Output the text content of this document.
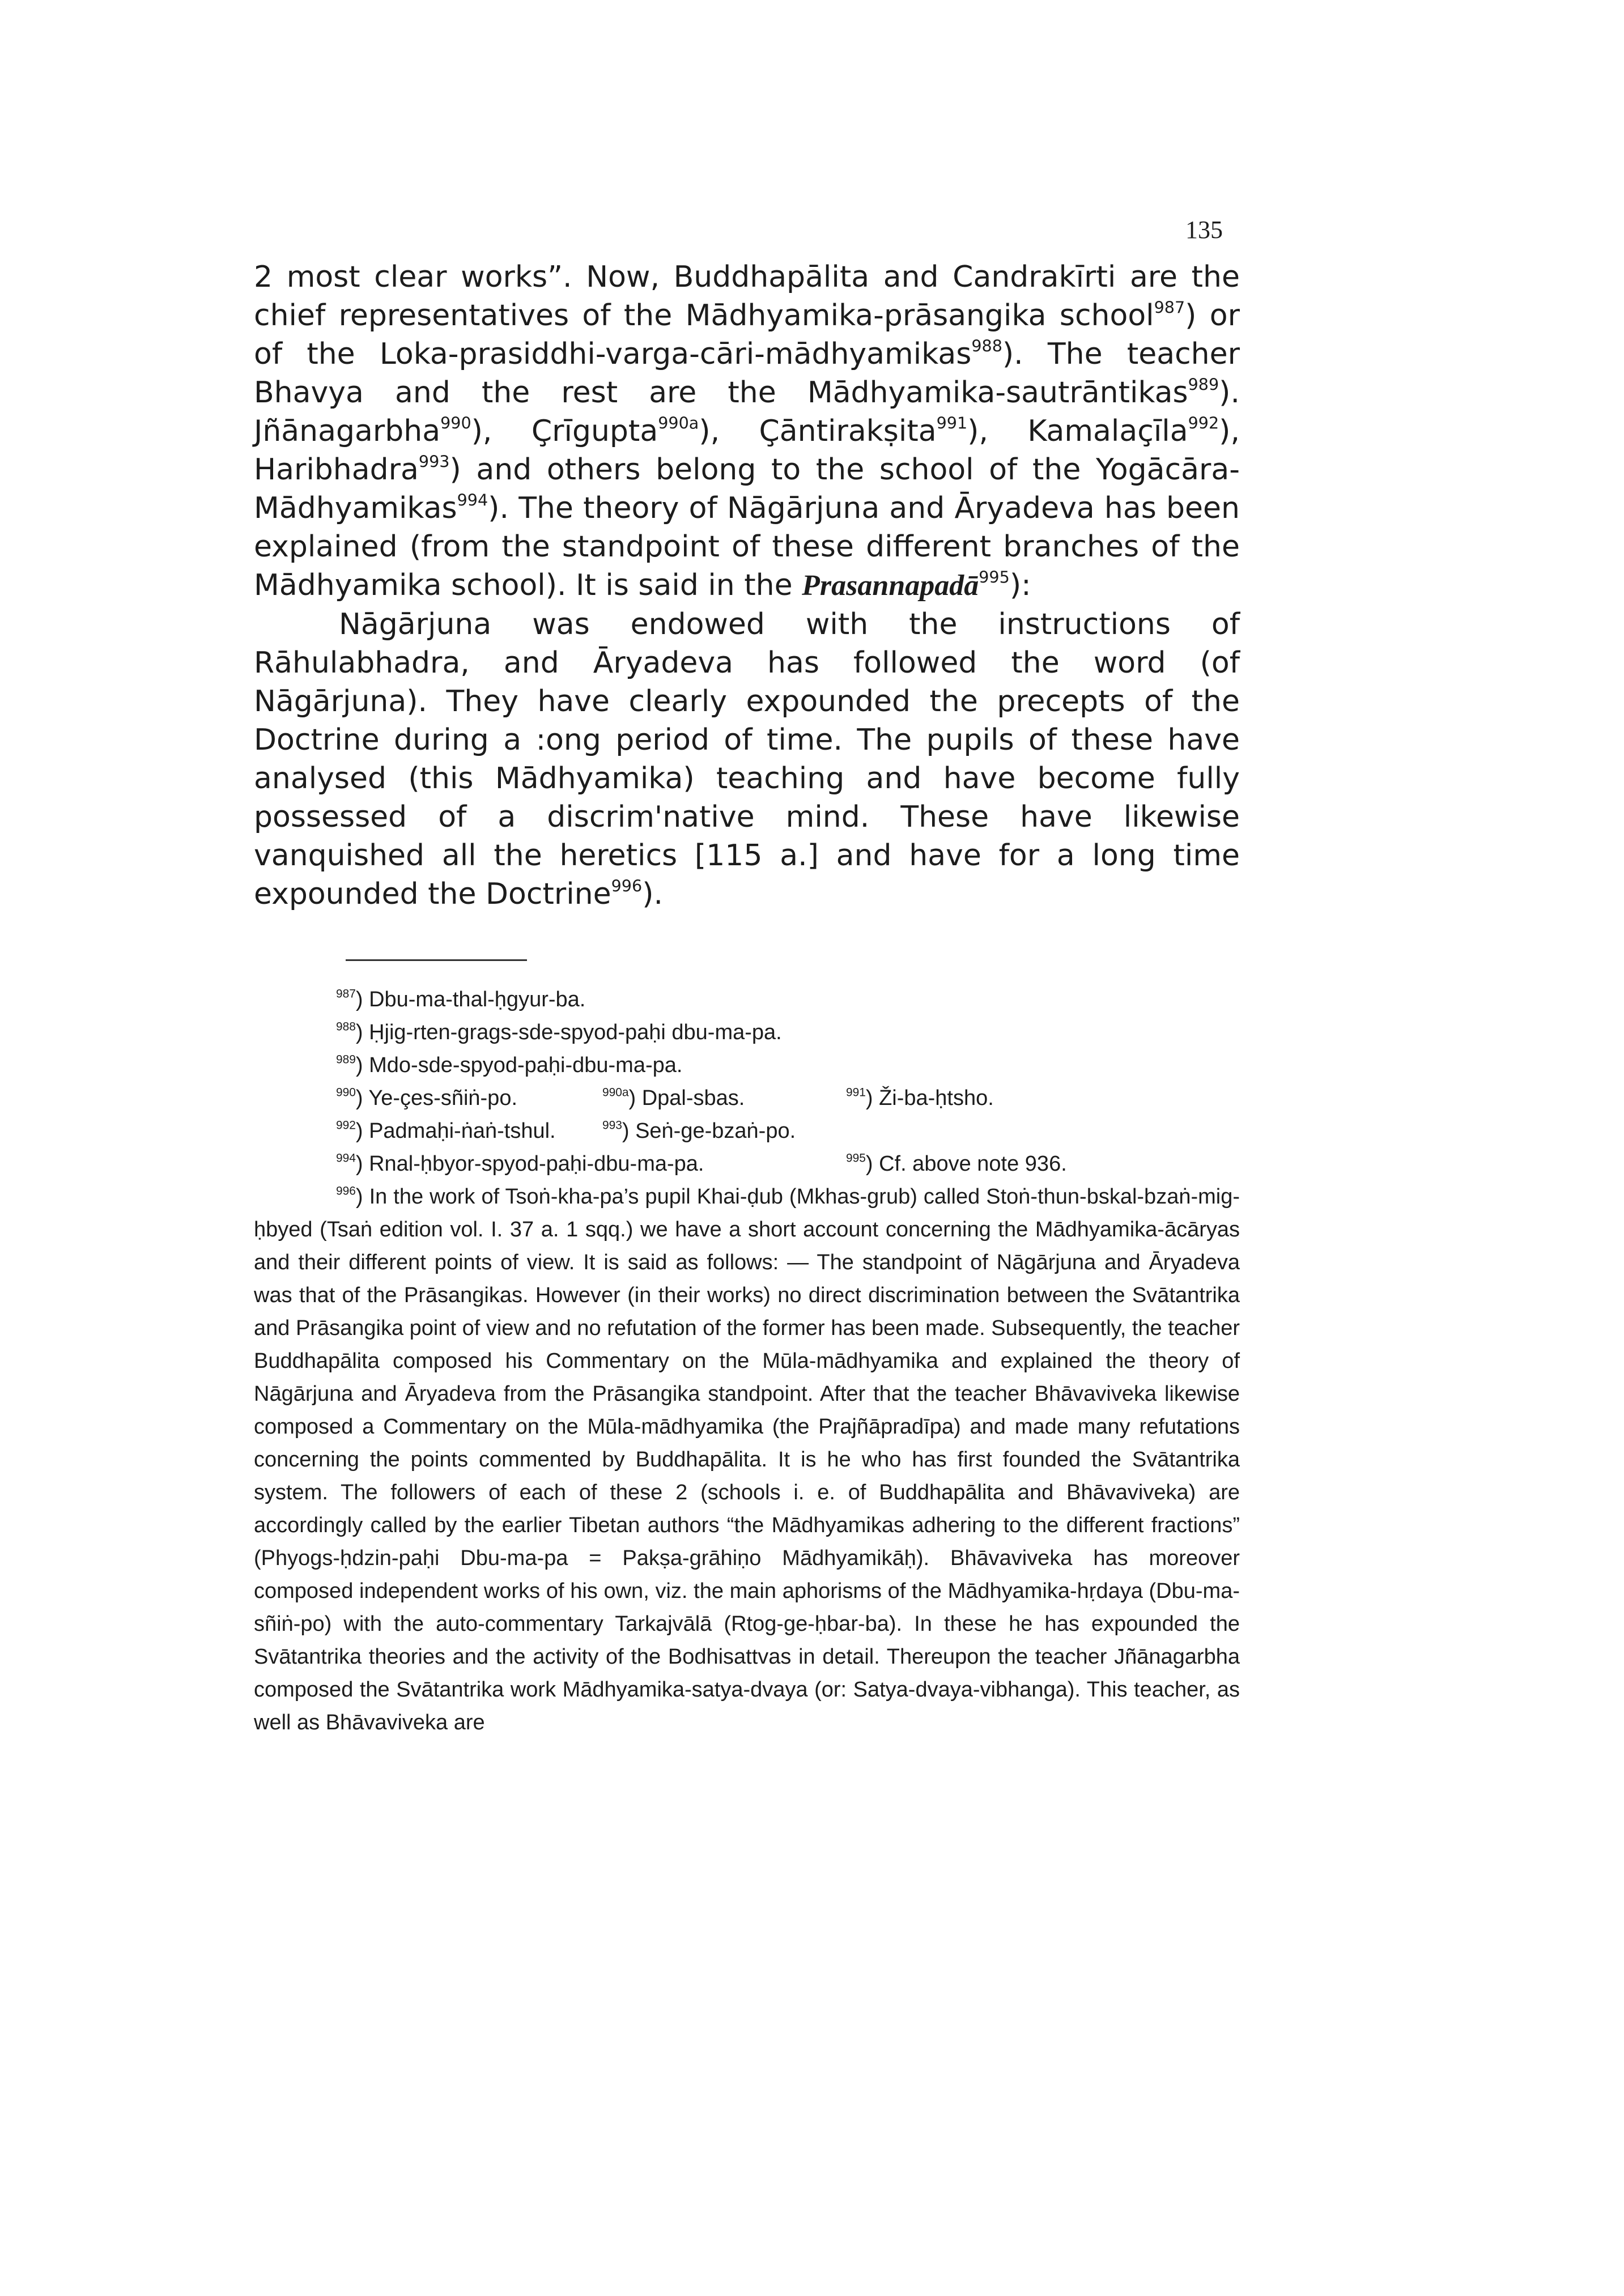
135

2 most clear works”. Now, Buddhapālita and Candrakīrti are the chief representatives of the Mādhyamika-prāsangika school$^{987}$) or of the Loka-prasiddhi-varga-cāri-mādhyamikas$^{988}$). The teacher Bhavya and the rest are the Mādhyamika-sautrāntikas$^{989}$). Jñānagarbha$^{990}$), Çrīgupta$^{990a}$), Çāntirakṣita$^{991}$), Kamalaçīla$^{992}$), Haribhadra$^{993}$) and others belong to the school of the Yogācāra-Mādhyamikas$^{994}$). The theory of Nāgārjuna and Āryadeva has been explained (from the standpoint of these different branches of the Mādhyamika school). It is said in the Prasannapadā$^{995}$):

Nāgārjuna was endowed with the instructions of Rāhulabhadra, and Āryadeva has followed the word (of Nāgārjuna). They have clearly expounded the precepts of the Doctrine during a :ong period of time. The pupils of these have analysed (this Mādhyamika) teaching and have become fully possessed of a discrim'native mind. These have likewise vanquished all the heretics [115 a.] and have for a long time expounded the Doctrine$^{996}$).

$^{987}$) Dbu-ma-thal-ḥgyur-ba.

$^{988}$) Ḥjig-rten-grags-sde-spyod-paḥi dbu-ma-pa.

$^{989}$) Mdo-sde-spyod-paḥi-dbu-ma-pa.

$^{990}$) Ye-çes-sñiṅ-po.	$^{990a}$) Dpal-sbas.	$^{991}$) Ži-ba-ḥtsho.

$^{992}$) Padmaḥi-ṅaṅ-tshul.	$^{993}$) Seṅ-ge-bzaṅ-po.

$^{994}$) Rnal-ḥbyor-spyod-paḥi-dbu-ma-pa.	$^{995}$) Cf. above note 936.

$^{996}$) In the work of Tsoṅ-kha-pa’s pupil Khai-ḍub (Mkhas-grub) called Stoṅ-thun-bskal-bzaṅ-mig-ḥbyed (Tsaṅ edition vol. I. 37 a. 1 sqq.) we have a short account concerning the Mādhyamika-ācāryas and their different points of view. It is said as follows: — The standpoint of Nāgārjuna and Āryadeva was that of the Prāsangikas. However (in their works) no direct discrimination between the Svātantrika and Prāsangika point of view and no refutation of the former has been made. Subsequently, the teacher Buddhapālita composed his Commentary on the Mūla-mādhyamika and explained the theory of Nāgārjuna and Āryadeva from the Prāsangika standpoint. After that the teacher Bhāvaviveka likewise composed a Commentary on the Mūla-mādhyamika (the Prajñāpradīpa) and made many refutations concerning the points commented by Buddhapālita. It is he who has first founded the Svātantrika system. The followers of each of these 2 (schools i. e. of Buddhapālita and Bhāvaviveka) are accordingly called by the earlier Tibetan authors “the Mādhyamikas adhering to the different fractions” (Phyogs-ḥdzin-paḥi Dbu-ma-pa = Pakṣa-grāhiṇo Mādhyamikāḥ). Bhāvaviveka has moreover composed independent works of his own, viz. the main aphorisms of the Mādhyamika-hṛdaya (Dbu-ma-sñiṅ-po) with the auto-commentary Tarkajvālā (Rtog-ge-ḥbar-ba). In these he has expounded the Svātantrika theories and the activity of the Bodhisattvas in detail. Thereupon the teacher Jñānagarbha composed the Svātantrika work Mādhyamika-satya-dvaya (or: Satya-dvaya-vibhanga). This teacher, as well as Bhāvaviveka are
